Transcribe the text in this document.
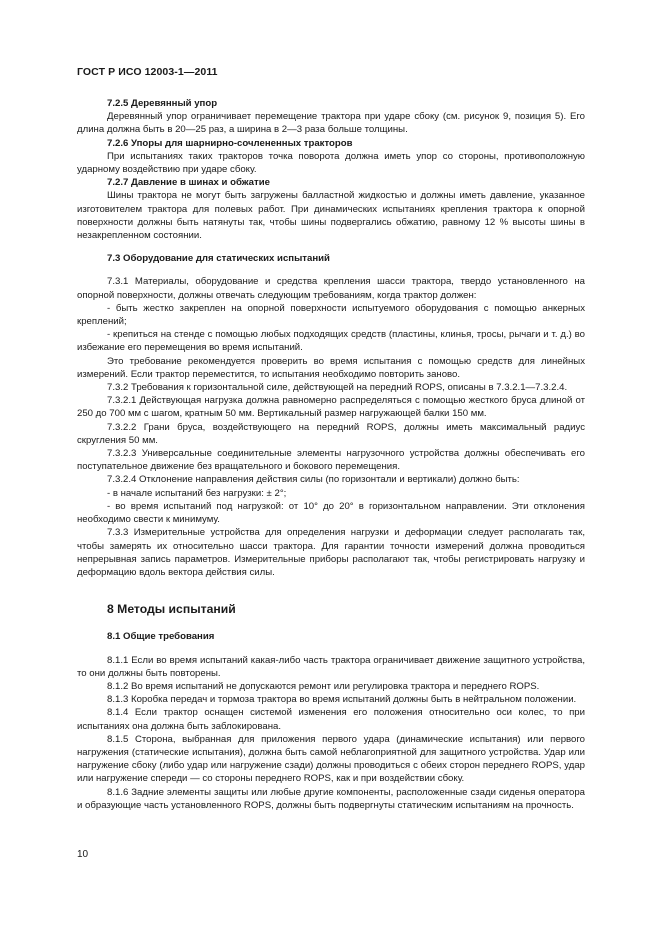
ГОСТ Р ИСО 12003-1—2011
7.2.5 Деревянный упор
Деревянный упор ограничивает перемещение трактора при ударе сбоку (см. рисунок 9, позиция 5). Его длина должна быть в 20—25 раз, а ширина в 2—3 раза больше толщины.
7.2.6 Упоры для шарнирно-сочлененных тракторов
При испытаниях таких тракторов точка поворота должна иметь упор со стороны, противоположную ударному воздействию при ударе сбоку.
7.2.7 Давление в шинах и обжатие
Шины трактора не могут быть загружены балластной жидкостью и должны иметь давление, указанное изготовителем трактора для полевых работ. При динамических испытаниях крепления трактора к опорной поверхности должны быть натянуты так, чтобы шины подвергались обжатию, равному 12 % высоты шины в незакрепленном состоянии.
7.3 Оборудование для статических испытаний
7.3.1 Материалы, оборудование и средства крепления шасси трактора, твердо установленного на опорной поверхности, должны отвечать следующим требованиям, когда трактор должен:
- быть жестко закреплен на опорной поверхности испытуемого оборудования с помощью анкерных креплений;
- крепиться на стенде с помощью любых подходящих средств (пластины, клинья, тросы, рычаги и т. д.) во избежание его перемещения во время испытаний.
Это требование рекомендуется проверить во время испытания с помощью средств для линейных измерений. Если трактор переместится, то испытания необходимо повторить заново.
7.3.2 Требования к горизонтальной силе, действующей на передний ROPS, описаны в 7.3.2.1—7.3.2.4.
7.3.2.1 Действующая нагрузка должна равномерно распределяться с помощью жесткого бруса длиной от 250 до 700 мм с шагом, кратным 50 мм. Вертикальный размер нагружающей балки 150 мм.
7.3.2.2 Грани бруса, воздействующего на передний ROPS, должны иметь максимальный радиус скругления 50 мм.
7.3.2.3 Универсальные соединительные элементы нагрузочного устройства должны обеспечивать его поступательное движение без вращательного и бокового перемещения.
7.3.2.4 Отклонение направления действия силы (по горизонтали и вертикали) должно быть:
- в начале испытаний без нагрузки: ± 2°;
- во время испытаний под нагрузкой: от 10° до 20° в горизонтальном направлении. Эти отклонения необходимо свести к минимуму.
7.3.3 Измерительные устройства для определения нагрузки и деформации следует располагать так, чтобы замерять их относительно шасси трактора. Для гарантии точности измерений должна проводиться непрерывная запись параметров. Измерительные приборы располагают так, чтобы регистрировать нагрузку и деформацию вдоль вектора действия силы.
8 Методы испытаний
8.1 Общие требования
8.1.1 Если во время испытаний какая-либо часть трактора ограничивает движение защитного устройства, то они должны быть повторены.
8.1.2 Во время испытаний не допускаются ремонт или регулировка трактора и переднего ROPS.
8.1.3 Коробка передач и тормоза трактора во время испытаний должны быть в нейтральном положении.
8.1.4 Если трактор оснащен системой изменения его положения относительно оси колес, то при испытаниях она должна быть заблокирована.
8.1.5 Сторона, выбранная для приложения первого удара (динамические испытания) или первого нагружения (статические испытания), должна быть самой неблагоприятной для защитного устройства. Удар или нагружение сбоку (либо удар или нагружение сзади) должны проводиться с обеих сторон переднего ROPS, удар или нагружение спереди — со стороны переднего ROPS, как и при воздействии сбоку.
8.1.6 Задние элементы защиты или любые другие компоненты, расположенные сзади сиденья оператора и образующие часть установленного ROPS, должны быть подвергнуты статическим испытаниям на прочность.
10
